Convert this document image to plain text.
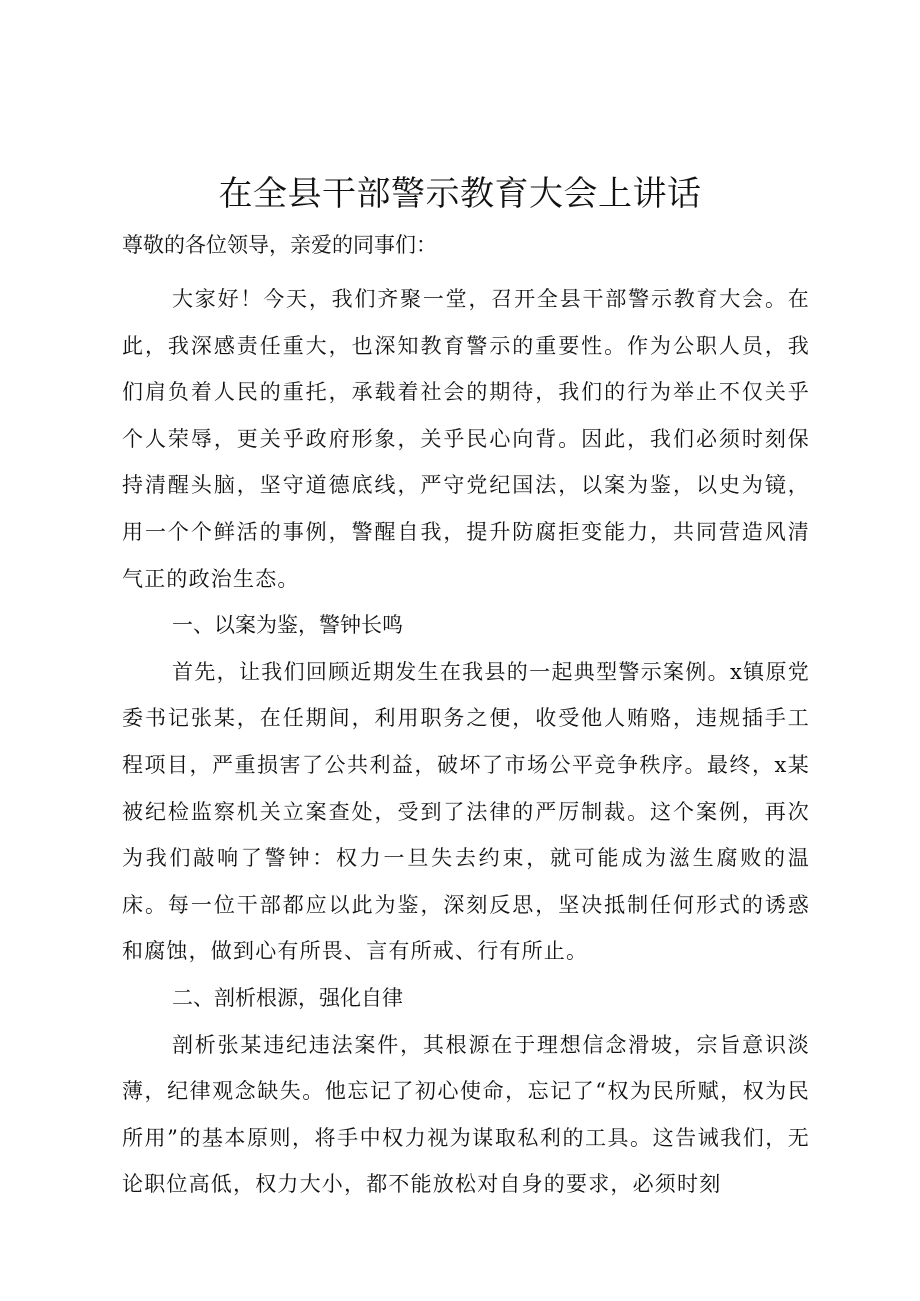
在全县干部警示教育大会上讲话

尊敬的各位领导，亲爱的同事们：

大家好！今天，我们齐聚一堂，召开全县干部警示教育大会。在此，我深感责任重大，也深知教育警示的重要性。作为公职人员，我们肩负着人民的重托，承载着社会的期待，我们的行为举止不仅关乎个人荣辱，更关乎政府形象，关乎民心向背。因此，我们必须时刻保持清醒头脑，坚守道德底线，严守党纪国法，以案为鉴，以史为镜，用一个个鲜活的事例，警醒自我，提升防腐拒变能力，共同营造风清气正的政治生态。

一、以案为鉴，警钟长鸣

首先，让我们回顾近期发生在我县的一起典型警示案例。x镇原党委书记张某，在任期间，利用职务之便，收受他人贿赂，违规插手工程项目，严重损害了公共利益，破坏了市场公平竞争秩序。最终，x某被纪检监察机关立案查处，受到了法律的严厉制裁。这个案例，再次为我们敲响了警钟：权力一旦失去约束，就可能成为滋生腐败的温床。每一位干部都应以此为鉴，深刻反思，坚决抵制任何形式的诱惑和腐蚀，做到心有所畏、言有所戒、行有所止。

二、剖析根源，强化自律

剖析张某违纪违法案件，其根源在于理想信念滑坡，宗旨意识淡薄，纪律观念缺失。他忘记了初心使命，忘记了“权为民所赋，权为民所用”的基本原则，将手中权力视为谋取私利的工具。这告诫我们，无论职位高低，权力大小，都不能放松对自身的要求，必须时刻
